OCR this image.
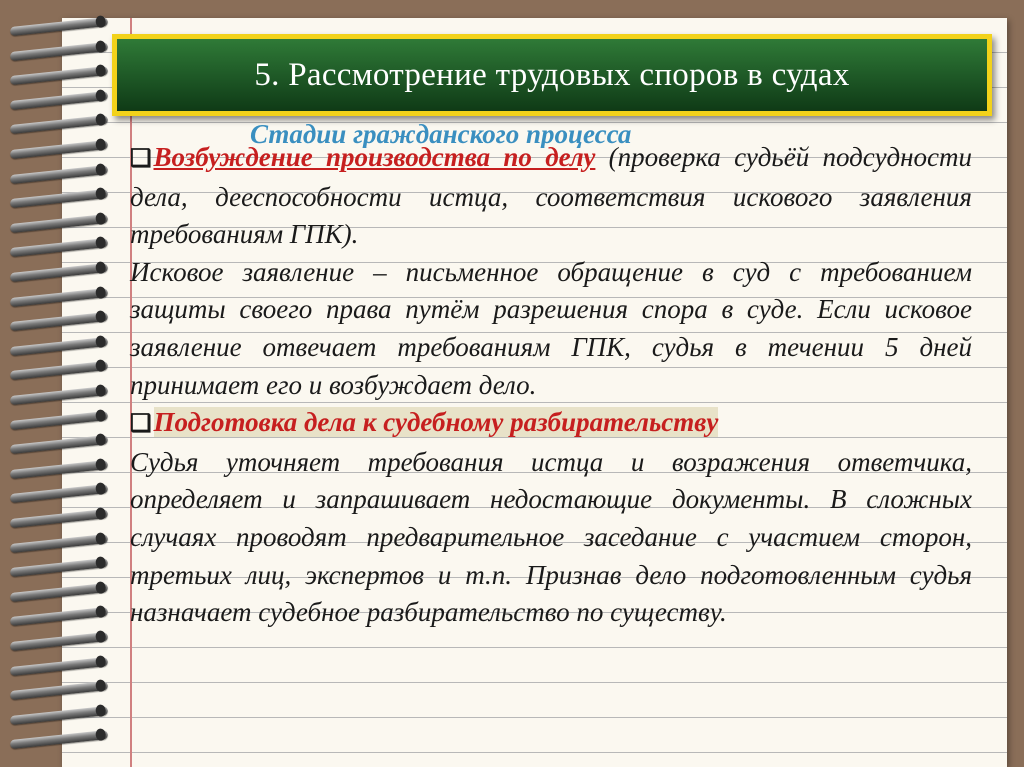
5. Рассмотрение трудовых споров в судах
Стадии гражданского процесса

❑Возбуждение производства по делу (проверка судьёй подсудности дела, дееспособности истца, соответствия искового заявления требованиям ГПК).

Исковое заявление – письменное обращение в суд с требованием защиты своего права путём разрешения спора в суде. Если исковое заявление отвечает требованиям ГПК, судья в течении 5 дней принимает его и возбуждает дело.

❑Подготовка дела к судебному разбирательству

Судья уточняет требования истца и возражения ответчика, определяет и запрашивает недостающие документы. В сложных случаях проводят предварительное заседание с участием сторон, третьих лиц, экспертов и т.п. Признав дело подготовленным судья назначает судебное разбирательство по существу.
